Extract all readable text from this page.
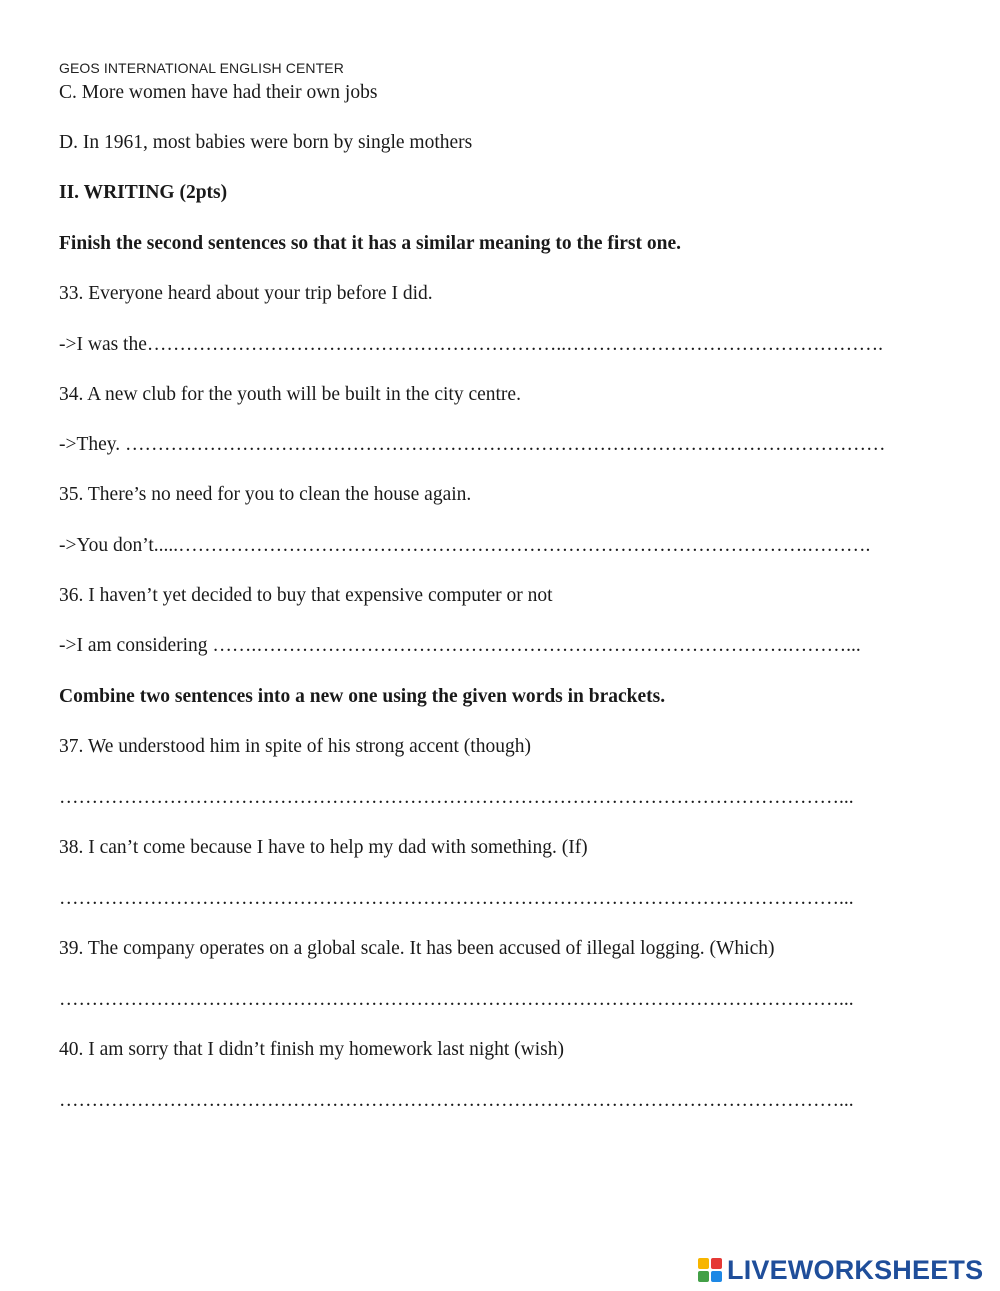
GEOS INTERNATIONAL ENGLISH CENTER
C. More women have had their own jobs
D. In 1961, most babies were born by single mothers
II. WRITING (2pts)
Finish the second sentences so that it has a similar meaning to the first one.
33. Everyone heard about your trip before I did.
->I was the………………………………………………………..………………………………………….
34. A new club for the youth will be built in the city centre.
->They. ………………………………………………………………………………………………………
35. There’s no need for you to clean the house again.
->You don’t.....…………………………………………………………………………………….……….
36. I haven’t yet decided to buy that expensive computer or not
->I am considering …….……………………………………………………………………….………...
Combine two sentences into a new one using the given words in brackets.
37. We understood him in spite of his strong accent (though)
…………………………………………………………………………………………………………...
38. I can’t come because I have to help my dad with something. (If)
…………………………………………………………………………………………………………...
39. The company operates on a global scale. It has been accused of illegal logging. (Which)
…………………………………………………………………………………………………………...
40. I am sorry that I didn’t finish my homework last night (wish)
…………………………………………………………………………………………………………...
LIVEWORKSHEETS
